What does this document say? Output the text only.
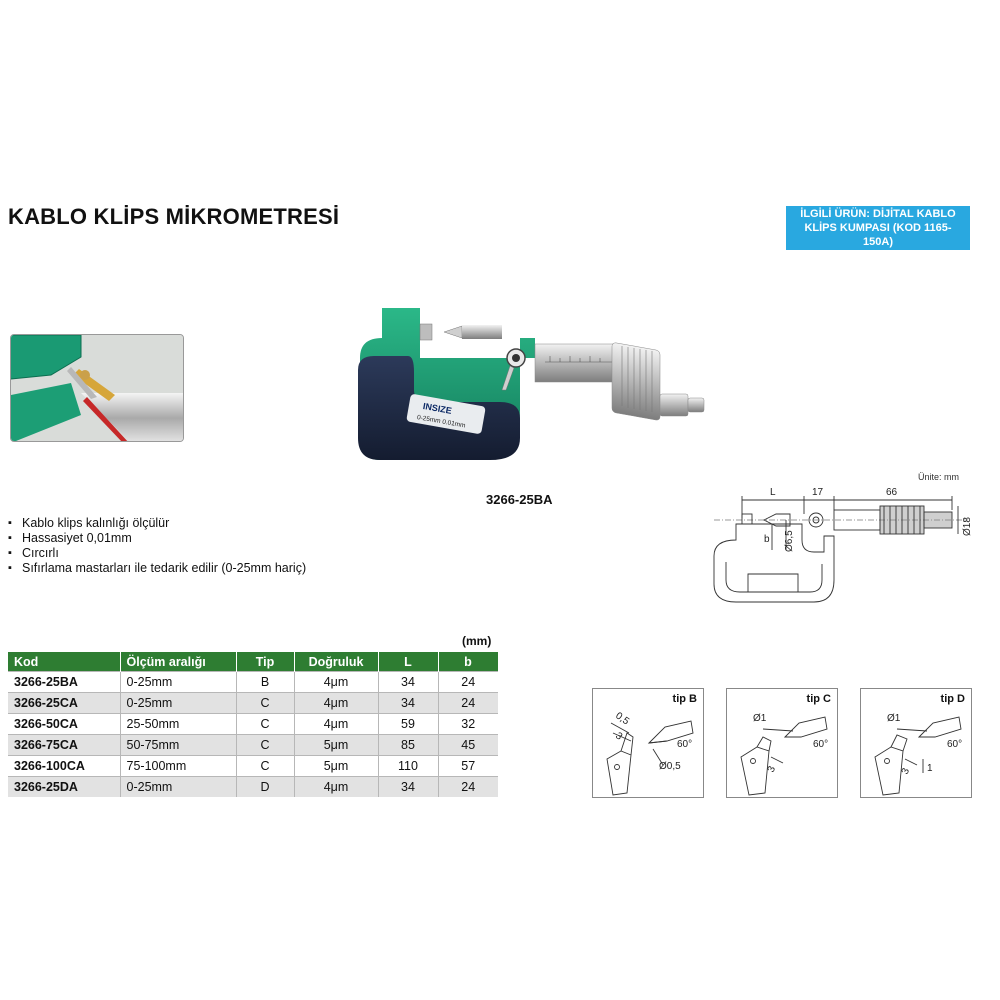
KABLO KLİPS MİKROMETRESİ	İLGİLİ ÜRÜN: DİJİTAL KABLO
KLİPS KUMPASI (KOD 1165-150A)
INSIZE
0-25mm 0.01mm
3266-25BA
Ünite: mm
L	17	66
b Ø6,5
Ø18
▪ Kablo klips kalınlığı ölçülür
▪ Hassasiyet 0,01mm
▪ Cırcırlı
▪ Sıfırlama mastarları ile tedarik edilir (0-25mm hariç)
(mm)
Kod	Ölçüm aralığı	Tip	Doğruluk	L	b
3266-25BA	0-25mm	B	4μm	34	24
3266-25CA	0-25mm	C	4μm	34	24
3266-50CA	25-50mm	C	4μm	59	32
3266-75CA	50-75mm	C	5μm	85	45
3266-100CA	75-100mm	C	5μm	110	57
3266-25DA	0-25mm	D	4μm	34	24
0,5
3
60°
Ø0,5
tip B
Ø1
60°
3
tip C
Ø1
60°
3 1
tip D
